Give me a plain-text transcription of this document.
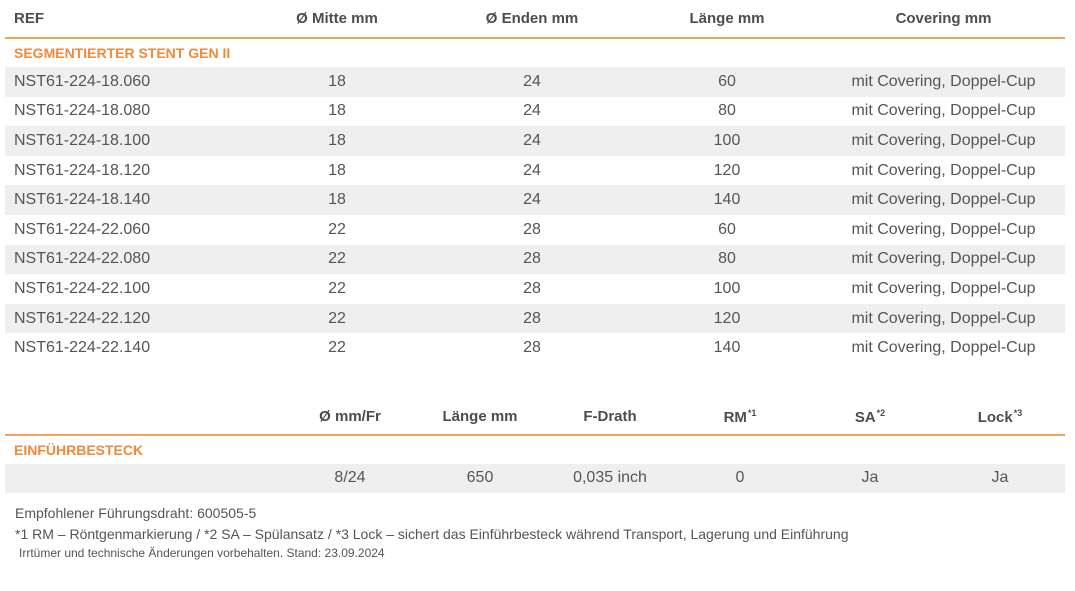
REF	Ø Mitte mm	Ø Enden mm	Länge mm	Covering mm
SEGMENTIERTER STENT GEN II				
NST61-224-18.060	18	24	60	mit Covering, Doppel-Cup
NST61-224-18.080	18	24	80	mit Covering, Doppel-Cup
NST61-224-18.100	18	24	100	mit Covering, Doppel-Cup
NST61-224-18.120	18	24	120	mit Covering, Doppel-Cup
NST61-224-18.140	18	24	140	mit Covering, Doppel-Cup
NST61-224-22.060	22	28	60	mit Covering, Doppel-Cup
NST61-224-22.080	22	28	80	mit Covering, Doppel-Cup
NST61-224-22.100	22	28	100	mit Covering, Doppel-Cup
NST61-224-22.120	22	28	120	mit Covering, Doppel-Cup
NST61-224-22.140	22	28	140	mit Covering, Doppel-Cup
	Ø mm/Fr	Länge mm	F-Drath	RM$^{*1}$	SA$^{*2}$	Lock$^{*3}$
EINFÜHRBESTECK						
	8/24	650	0,035 inch	0	Ja	Ja
Empfohlener Führungsdraht: 600505-5
*1 RM – Röntgenmarkierung / *2 SA – Spülansatz / *3 Lock – sichert das Einführbesteck während Transport, Lagerung und Einführung
Irrtümer und technische Änderungen vorbehalten. Stand: 23.09.2024
